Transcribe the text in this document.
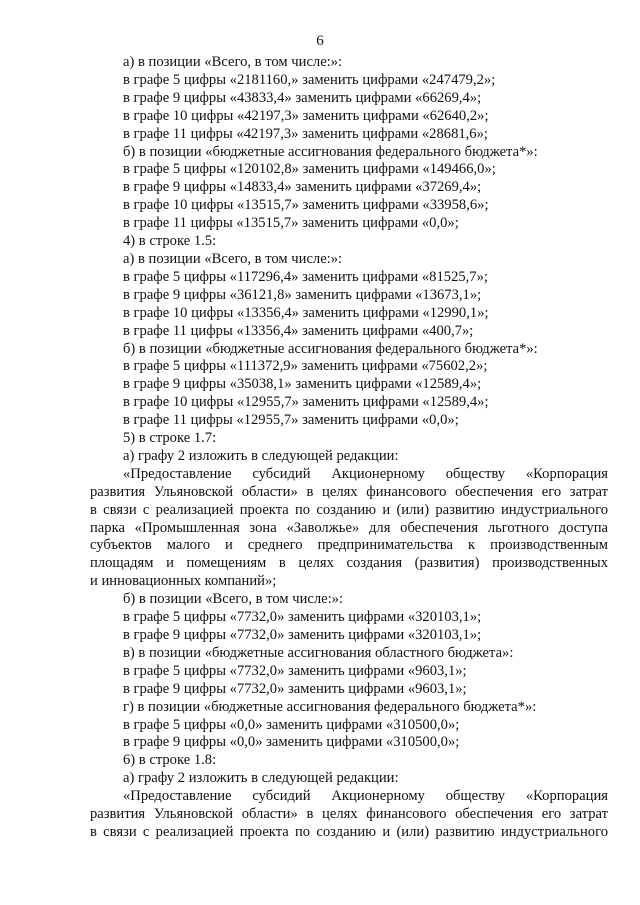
6

а) в позиции «Всего, в том числе:»:

в графе 5 цифры «2181160,» заменить цифрами «247479,2»;

в графе 9 цифры «43833,4» заменить цифрами «66269,4»;

в графе 10 цифры «42197,3» заменить цифрами «62640,2»;

в графе 11 цифры «42197,3» заменить цифрами «28681,6»;

б) в позиции «бюджетные ассигнования федерального бюджета*»:

в графе 5 цифры «120102,8» заменить цифрами «149466,0»;

в графе 9 цифры «14833,4» заменить цифрами «37269,4»;

в графе 10 цифры «13515,7» заменить цифрами «33958,6»;

в графе 11 цифры «13515,7» заменить цифрами «0,0»;

4) в строке 1.5:

а) в позиции «Всего, в том числе:»:

в графе 5 цифры «117296,4» заменить цифрами «81525,7»;

в графе 9 цифры «36121,8» заменить цифрами «13673,1»;

в графе 10 цифры «13356,4» заменить цифрами «12990,1»;

в графе 11 цифры «13356,4» заменить цифрами «400,7»;

б) в позиции «бюджетные ассигнования федерального бюджета*»:

в графе 5 цифры «111372,9» заменить цифрами «75602,2»;

в графе 9 цифры «35038,1» заменить цифрами «12589,4»;

в графе 10 цифры «12955,7» заменить цифрами «12589,4»;

в графе 11 цифры «12955,7» заменить цифрами «0,0»;

5) в строке 1.7:

а) графу 2 изложить в следующей редакции:

«Предоставление субсидий Акционерному обществу «Корпорация

развития Ульяновской области» в целях финансового обеспечения его затрат

в связи с реализацией проекта по созданию и (или) развитию индустриального

парка «Промышленная зона «Заволжье» для обеспечения льготного доступа

субъектов малого и среднего предпринимательства к производственным

площадям и помещениям в целях создания (развития) производственных

и инновационных компаний»;

б) в позиции «Всего, в том числе:»:

в графе 5 цифры «7732,0» заменить цифрами «320103,1»;

в графе 9 цифры «7732,0» заменить цифрами «320103,1»;

в) в позиции «бюджетные ассигнования областного бюджета»:

в графе 5 цифры «7732,0» заменить цифрами «9603,1»;

в графе 9 цифры «7732,0» заменить цифрами «9603,1»;

г) в позиции «бюджетные ассигнования федерального бюджета*»:

в графе 5 цифры «0,0» заменить цифрами «310500,0»;

в графе 9 цифры «0,0» заменить цифрами «310500,0»;

6) в строке 1.8:

а) графу 2 изложить в следующей редакции:

«Предоставление субсидий Акционерному обществу «Корпорация

развития Ульяновской области» в целях финансового обеспечения его затрат

в связи с реализацией проекта по созданию и (или) развитию индустриального
